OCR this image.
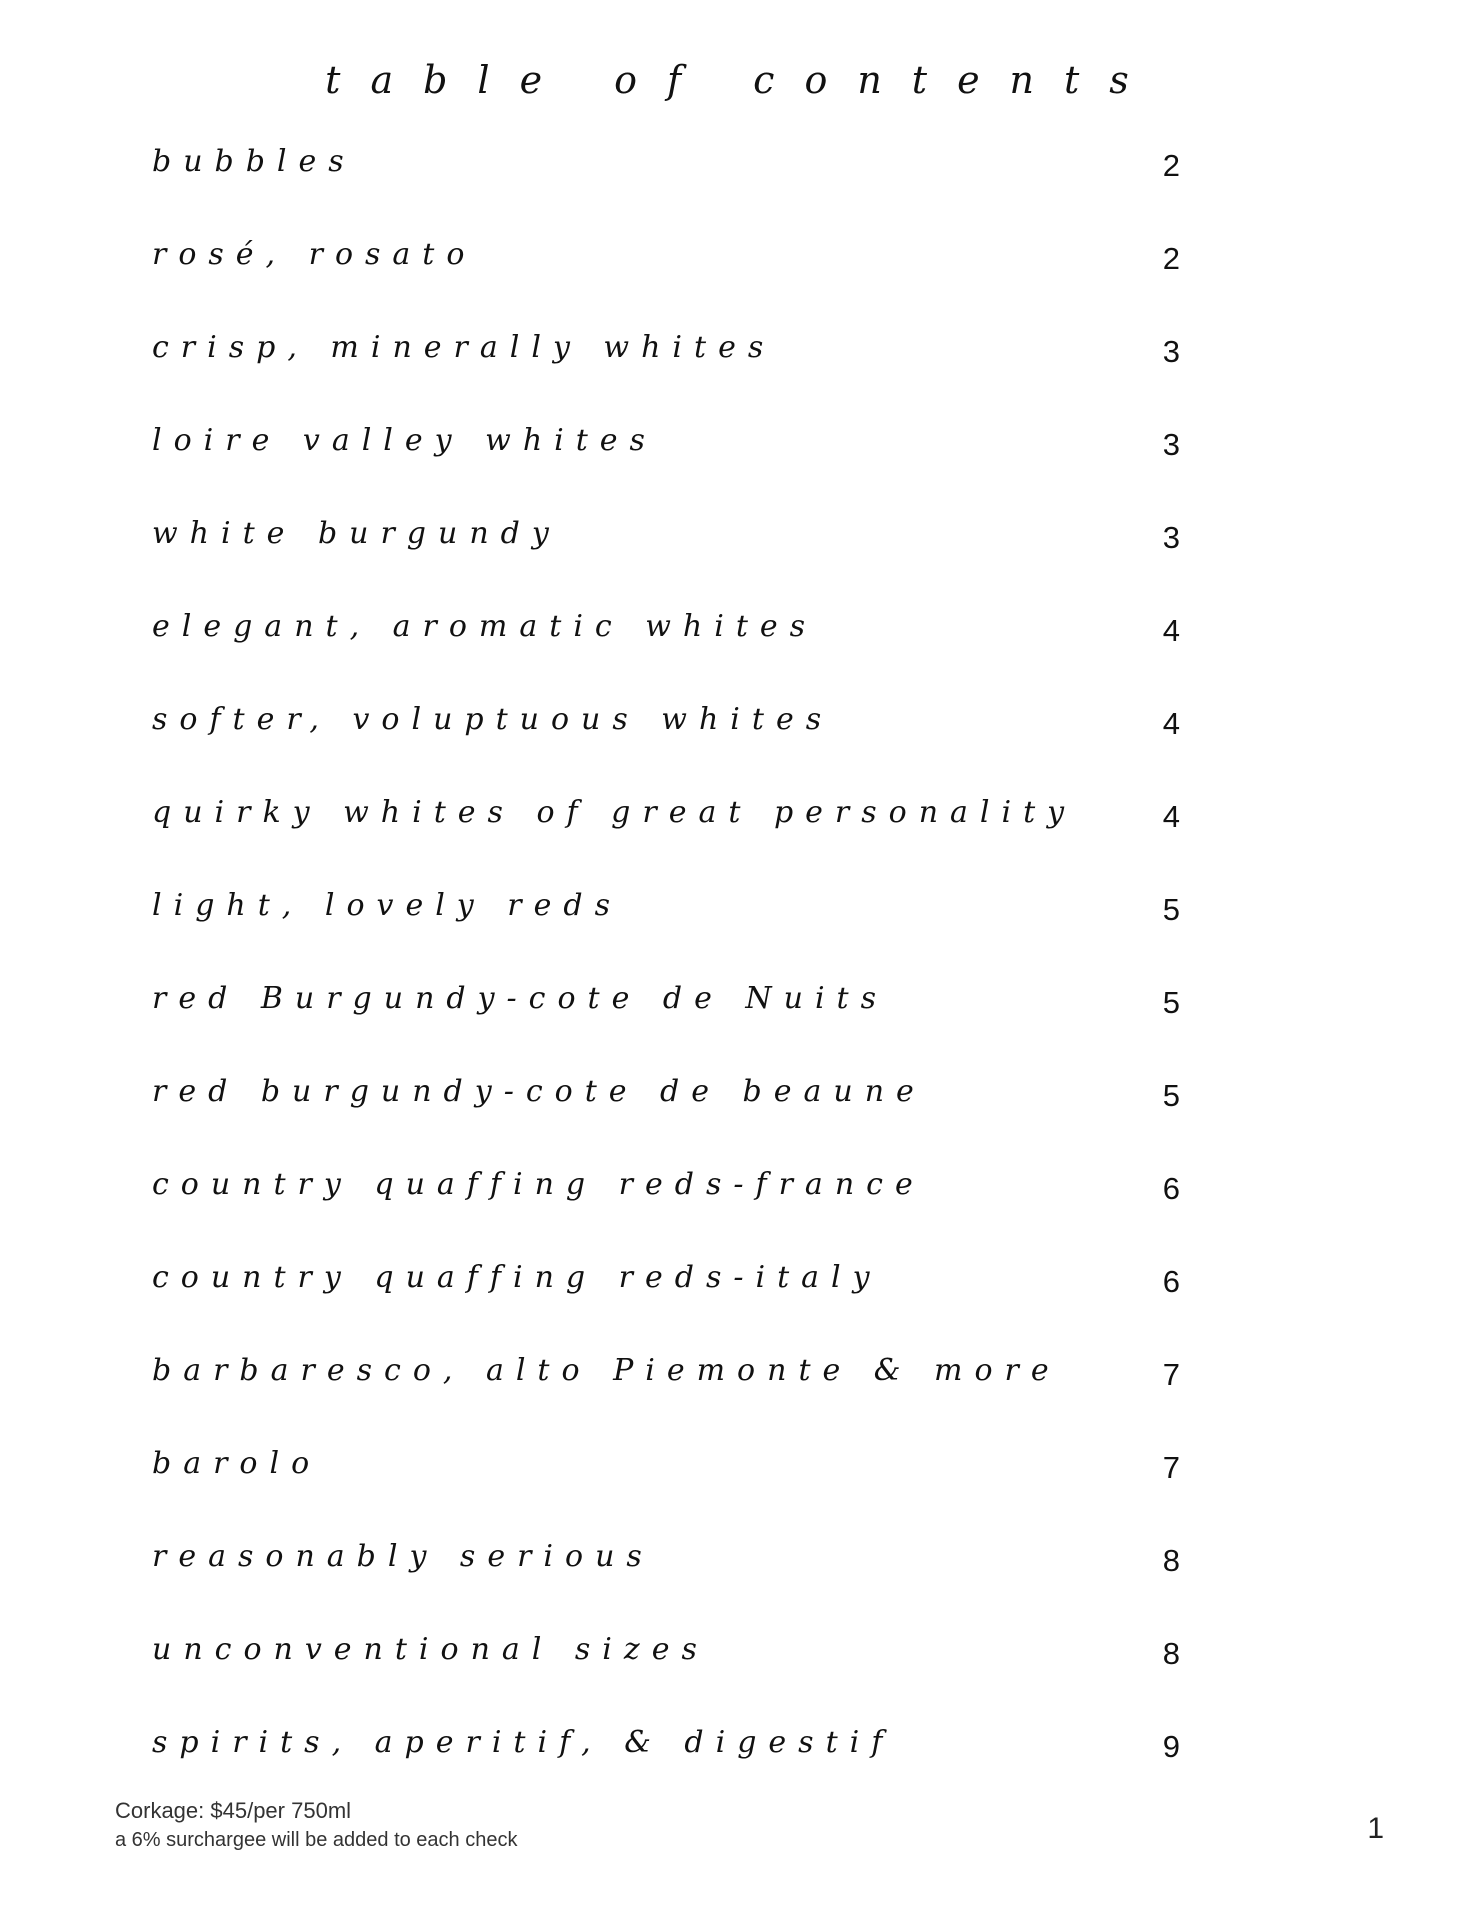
table of contents
bubbles	2
rosé, rosato	2
crisp, minerally whites	3
loire valley whites	3
white burgundy	3
elegant, aromatic whites	4
softer, voluptuous whites	4
quirky whites of great personality	4
light, lovely reds	5
red Burgundy-cote de Nuits	5
red burgundy-cote de beaune	5
country quaffing reds-france	6
country quaffing reds-italy	6
barbaresco, alto Piemonte & more	7
barolo	7
reasonably serious	8
unconventional sizes	8
spirits, aperitif, & digestif	9
Corkage: $45/per 750ml
a 6% surchargee will be added to each check	1
